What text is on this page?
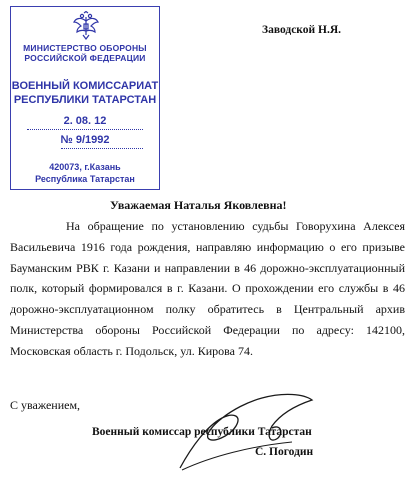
МИНИСТЕРСТВО ОБОРОНЫ
РОССИЙСКОЙ ФЕДЕРАЦИИ
ВОЕННЫЙ КОМИССАРИАТ
РЕСПУБЛИКИ ТАТАРСТАН
2. 08. 12
№ 9/1992
420073, г.Казань
Республика Татарстан
Заводской Н.Я.
Уважаемая Наталья Яковлевна!
На обращение по установлению судьбы Говорухина Алексея Васильевича 1916 года рождения, направляю информацию о его призыве Бауманским РВК г. Казани и направлении в 46 дорожно-эксплуатационный полк, который формировался в г. Казани. О прохождении его службы в 46 дорожно-эксплуатационном полку обратитесь в Центральный архив Министерства обороны Российской Федерации по адресу: 142100, Московская область г. Подольск, ул. Кирова 74.
С уважением,
Военный комиссар республики Татарстан
С. Погодин
